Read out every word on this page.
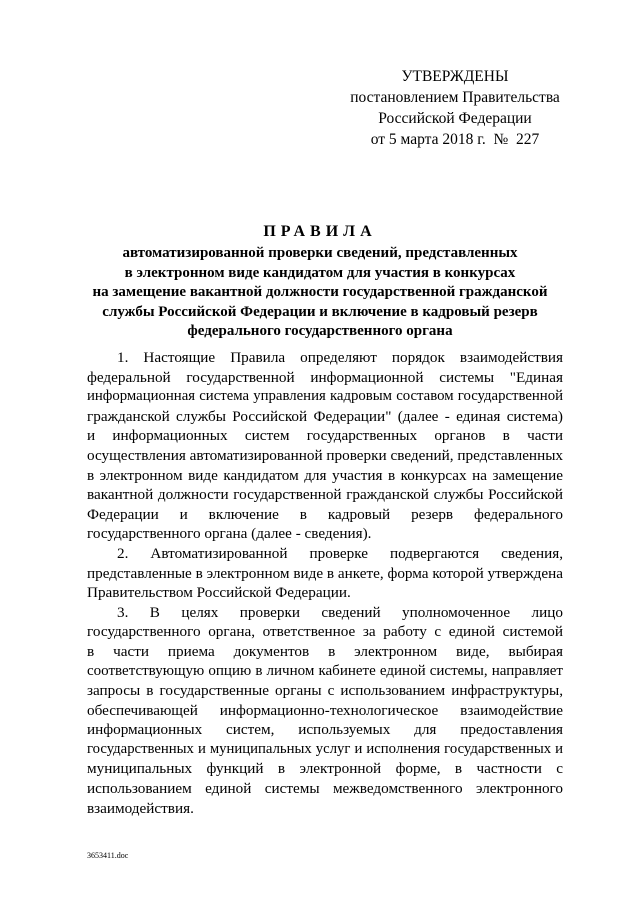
УТВЕРЖДЕНЫ
постановлением Правительства
Российской Федерации
от 5 марта 2018 г.  №  227
ПРАВИЛА
автоматизированной проверки сведений, представленных
в электронном виде кандидатом для участия в конкурсах
на замещение вакантной должности государственной гражданской
службы Российской Федерации и включение в кадровый резерв
федерального государственного органа
1. Настоящие Правила определяют порядок взаимодействия
федеральной государственной информационной системы "Единая
информационная система управления кадровым составом государственной
гражданской службы Российской Федерации" (далее - единая система)
и информационных систем государственных органов в части
осуществления автоматизированной проверки сведений, представленных
в электронном виде кандидатом для участия в конкурсах на замещение
вакантной должности государственной гражданской службы Российской
Федерации и включение в кадровый резерв федерального
государственного органа (далее - сведения).
2. Автоматизированной проверке подвергаются сведения,
представленные в электронном виде в анкете, форма которой утверждена
Правительством Российской Федерации.
3. В целях проверки сведений уполномоченное лицо
государственного органа, ответственное за работу с единой системой
в части приема документов в электронном виде, выбирая
соответствующую опцию в личном кабинете единой системы, направляет
запросы в государственные органы с использованием инфраструктуры,
обеспечивающей информационно-технологическое взаимодействие
информационных систем, используемых для предоставления
государственных и муниципальных услуг и исполнения государственных и
муниципальных функций в электронной форме, в частности с
использованием единой системы межведомственного электронного
взаимодействия.
3653411.doc
